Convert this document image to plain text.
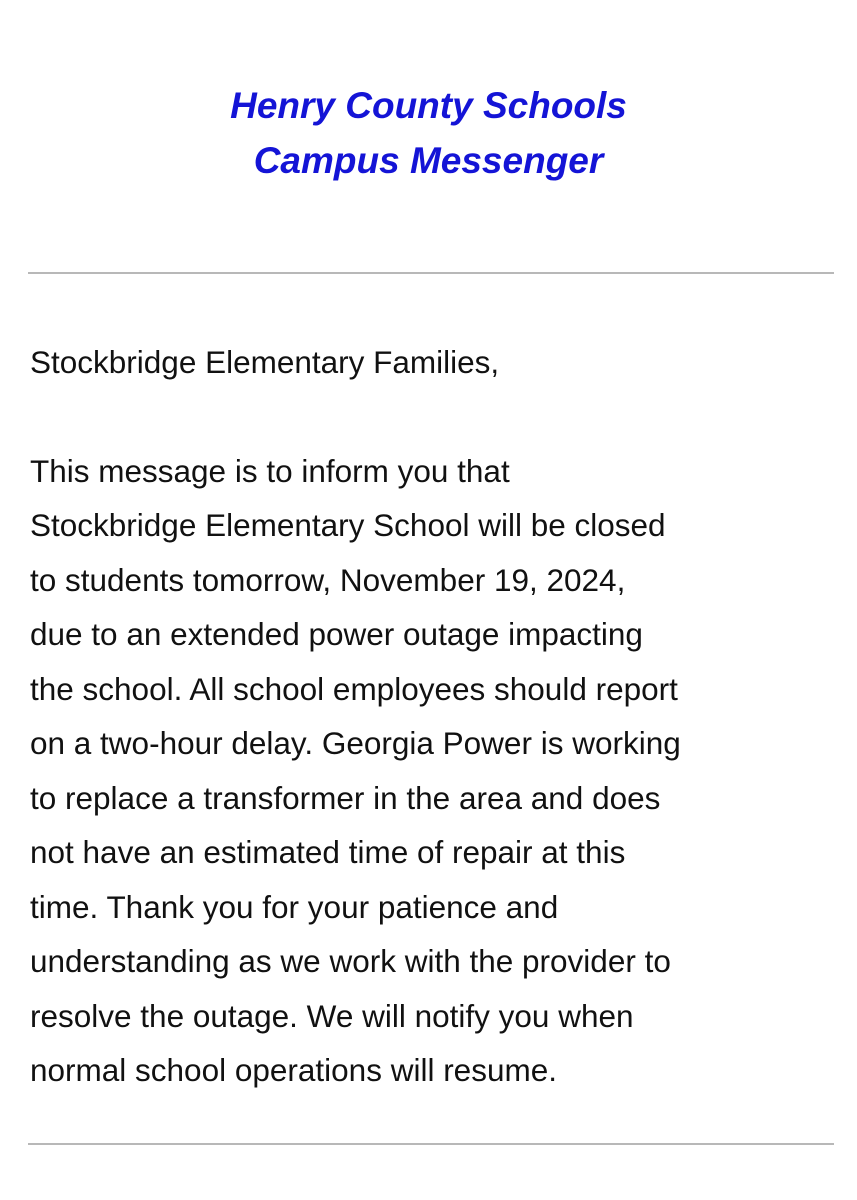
Henry County Schools
Campus Messenger

Stockbridge Elementary Families,

This message is to inform you that
Stockbridge Elementary School will be closed
to students tomorrow, November 19, 2024,
due to an extended power outage impacting
the school. All school employees should report
on a two-hour delay. Georgia Power is working
to replace a transformer in the area and does
not have an estimated time of repair at this
time. Thank you for your patience and
understanding as we work with the provider to
resolve the outage. We will notify you when
normal school operations will resume.
